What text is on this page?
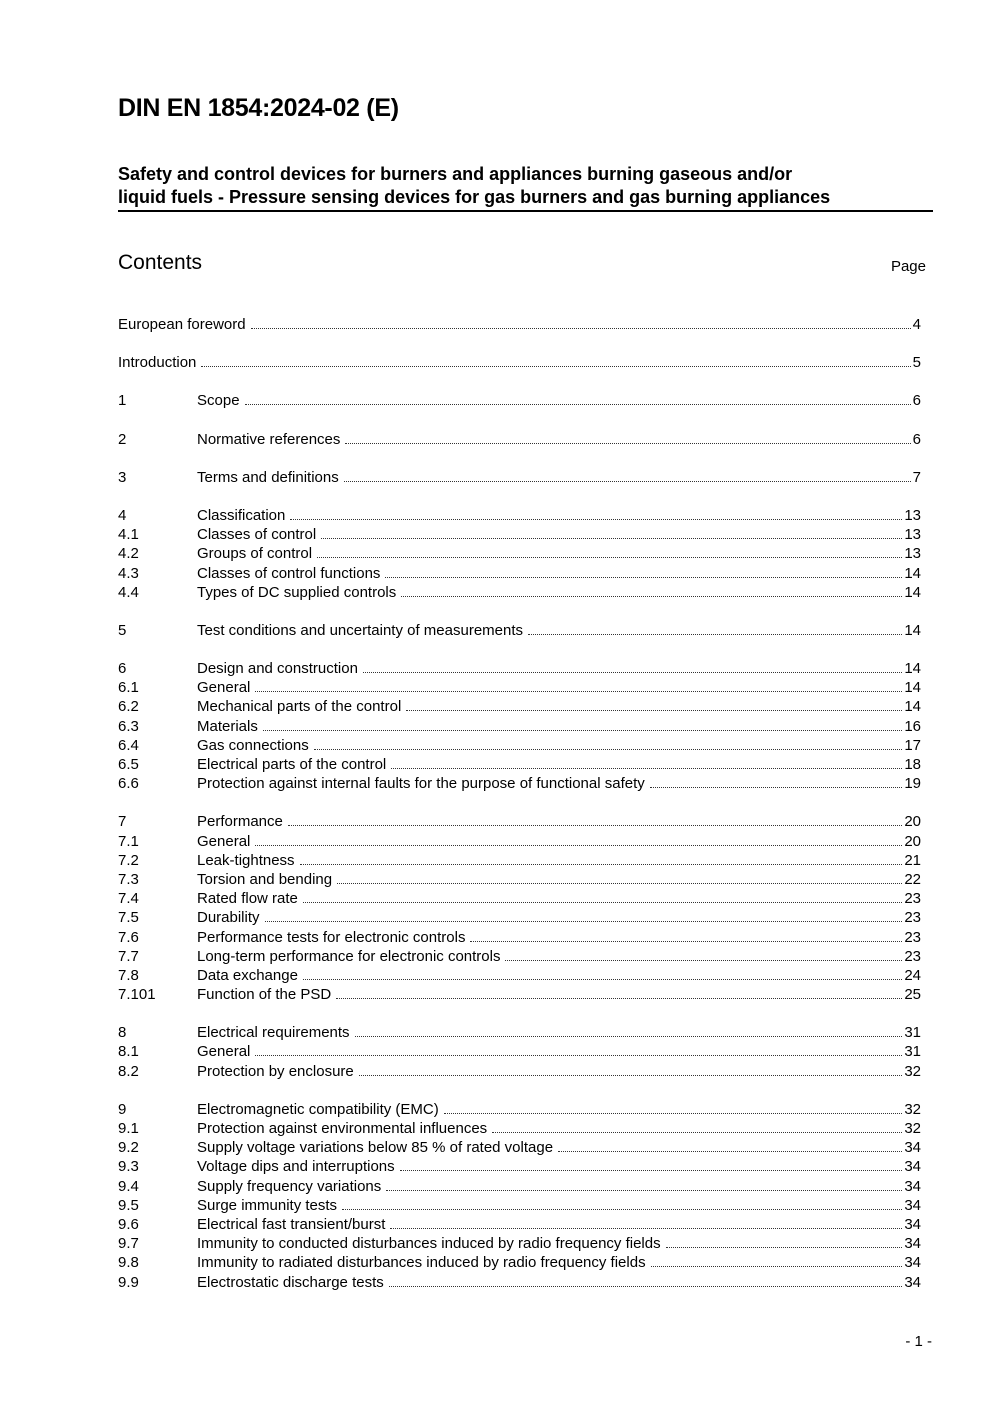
DIN EN 1854:2024-02 (E)
Safety and control devices for burners and appliances burning gaseous and/or
liquid fuels - Pressure sensing devices for gas burners and gas burning appliances
Contents	Page
European foreword	4
Introduction	5
1	Scope	6
2	Normative references	6
3	Terms and definitions	7
4	Classification	13
4.1	Classes of control	13
4.2	Groups of control	13
4.3	Classes of control functions	14
4.4	Types of DC supplied controls	14
5	Test conditions and uncertainty of measurements	14
6	Design and construction	14
6.1	General	14
6.2	Mechanical parts of the control	14
6.3	Materials	16
6.4	Gas connections	17
6.5	Electrical parts of the control	18
6.6	Protection against internal faults for the purpose of functional safety	19
7	Performance	20
7.1	General	20
7.2	Leak-tightness	21
7.3	Torsion and bending	22
7.4	Rated flow rate	23
7.5	Durability	23
7.6	Performance tests for electronic controls	23
7.7	Long-term performance for electronic controls	23
7.8	Data exchange	24
7.101	Function of the PSD	25
8	Electrical requirements	31
8.1	General	31
8.2	Protection by enclosure	32
9	Electromagnetic compatibility (EMC)	32
9.1	Protection against environmental influences	32
9.2	Supply voltage variations below 85 % of rated voltage	34
9.3	Voltage dips and interruptions	34
9.4	Supply frequency variations	34
9.5	Surge immunity tests	34
9.6	Electrical fast transient/burst	34
9.7	Immunity to conducted disturbances induced by radio frequency fields	34
9.8	Immunity to radiated disturbances induced by radio frequency fields	34
9.9	Electrostatic discharge tests	34
- 1 -
